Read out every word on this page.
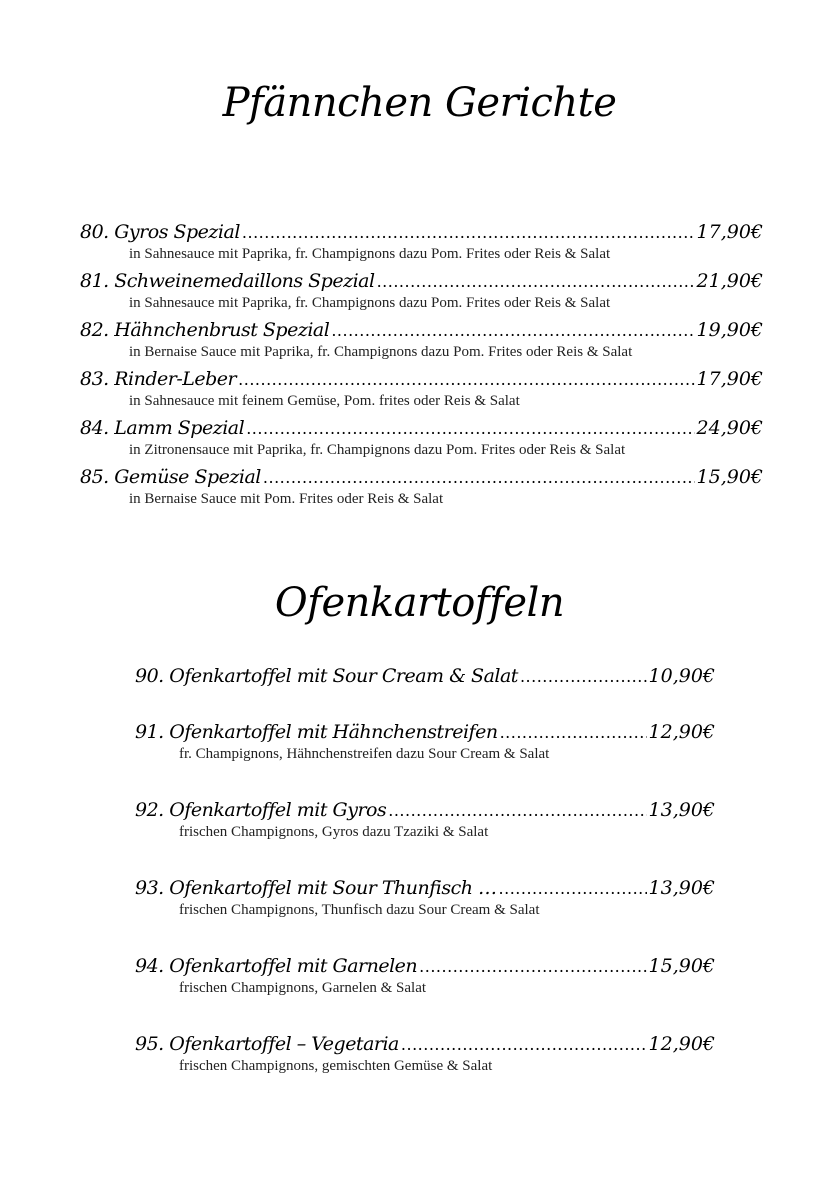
Pfännchen Gerichte
80. Gyros Spezial .....	17,90€
in Sahnesauce mit Paprika, fr. Champignons dazu Pom. Frites oder Reis & Salat
81. Schweinemedaillons Spezial .....	21,90€
in Sahnesauce mit Paprika, fr. Champignons dazu Pom. Frites oder Reis & Salat
82. Hähnchenbrust Spezial .....	19,90€
in Bernaise Sauce mit Paprika, fr. Champignons dazu Pom. Frites oder Reis & Salat
83. Rinder-Leber .....	17,90€
in Sahnesauce mit feinem Gemüse, Pom. frites oder Reis & Salat
84. Lamm Spezial .....	24,90€
in Zitronensauce mit Paprika, fr. Champignons dazu Pom. Frites oder Reis & Salat
85. Gemüse Spezial .....	15,90€
in Bernaise Sauce mit Pom. Frites oder Reis & Salat
Ofenkartoffeln
90. Ofenkartoffel mit Sour Cream & Salat .....	10,90€
91. Ofenkartoffel mit Hähnchenstreifen .....	12,90€
fr. Champignons, Hähnchenstreifen dazu Sour Cream & Salat
92. Ofenkartoffel mit Gyros .....	13,90€
frischen Champignons, Gyros dazu Tzaziki & Salat
93. Ofenkartoffel mit Sour Thunfisch … .....	13,90€
frischen Champignons, Thunfisch dazu Sour Cream & Salat
94. Ofenkartoffel mit Garnelen .....	15,90€
frischen Champignons, Garnelen & Salat
95. Ofenkartoffel – Vegetaria .....	12,90€
frischen Champignons, gemischten Gemüse & Salat
